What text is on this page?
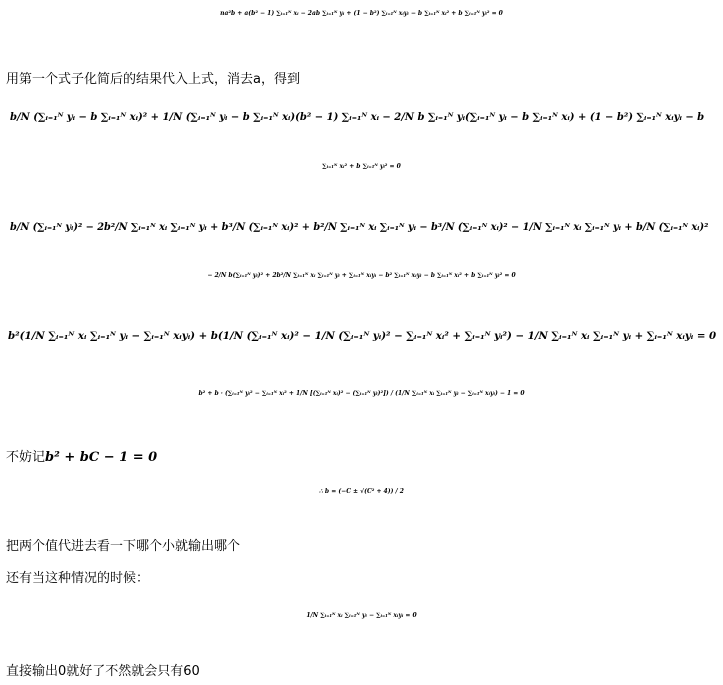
na²b + a(b² − 1) ∑ᵢ₌₁ᴺ xᵢ − 2ab ∑ᵢ₌₁ᴺ yᵢ + (1 − b²) ∑ᵢ₌₁ᴺ xᵢyᵢ − b ∑ᵢ₌₁ᴺ xᵢ² + b ∑ᵢ₌₁ᴺ yᵢ² = 0
用第一个式子化简后的结果代入上式，消去a，得到
b/N (∑ᵢ₌₁ᴺ yᵢ − b ∑ᵢ₌₁ᴺ xᵢ)² + 1/N (∑ᵢ₌₁ᴺ yᵢ − b ∑ᵢ₌₁ᴺ xᵢ)(b² − 1) ∑ᵢ₌₁ᴺ xᵢ − 2/N b ∑ᵢ₌₁ᴺ yᵢ(∑ᵢ₌₁ᴺ yᵢ − b ∑ᵢ₌₁ᴺ xᵢ) + (1 − b²) ∑ᵢ₌₁ᴺ xᵢyᵢ − b
∑ᵢ₌₁ᴺ xᵢ² + b ∑ᵢ₌₁ᴺ yᵢ² = 0
b/N (∑ᵢ₌₁ᴺ yᵢ)² − 2b²/N ∑ᵢ₌₁ᴺ xᵢ ∑ᵢ₌₁ᴺ yᵢ + b³/N (∑ᵢ₌₁ᴺ xᵢ)² + b²/N ∑ᵢ₌₁ᴺ xᵢ ∑ᵢ₌₁ᴺ yᵢ − b³/N (∑ᵢ₌₁ᴺ xᵢ)² − 1/N ∑ᵢ₌₁ᴺ xᵢ ∑ᵢ₌₁ᴺ yᵢ + b/N (∑ᵢ₌₁ᴺ xᵢ)²
− 2/N b(∑ᵢ₌₁ᴺ yᵢ)² + 2b²/N ∑ᵢ₌₁ᴺ xᵢ ∑ᵢ₌₁ᴺ yᵢ + ∑ᵢ₌₁ᴺ xᵢyᵢ − b² ∑ᵢ₌₁ᴺ xᵢyᵢ − b ∑ᵢ₌₁ᴺ xᵢ² + b ∑ᵢ₌₁ᴺ yᵢ² = 0
b²(1/N ∑ᵢ₌₁ᴺ xᵢ ∑ᵢ₌₁ᴺ yᵢ − ∑ᵢ₌₁ᴺ xᵢyᵢ) + b(1/N (∑ᵢ₌₁ᴺ xᵢ)² − 1/N (∑ᵢ₌₁ᴺ yᵢ)² − ∑ᵢ₌₁ᴺ xᵢ² + ∑ᵢ₌₁ᴺ yᵢ²) − 1/N ∑ᵢ₌₁ᴺ xᵢ ∑ᵢ₌₁ᴺ yᵢ + ∑ᵢ₌₁ᴺ xᵢyᵢ = 0
b² + b · (∑ᵢ₌₁ᴺ yᵢ² − ∑ᵢ₌₁ᴺ xᵢ² + 1/N [(∑ᵢ₌₁ᴺ xᵢ)² − (∑ᵢ₌₁ᴺ yᵢ)²]) / (1/N ∑ᵢ₌₁ᴺ xᵢ ∑ᵢ₌₁ᴺ yᵢ − ∑ᵢ₌₁ᴺ xᵢyᵢ) − 1 = 0
不妨记b² + bC − 1 = 0
∴ b = (−C ± √(C² + 4)) / 2
把两个值代进去看一下哪个小就输出哪个
还有当这种情况的时候：
1/N ∑ᵢ₌₁ᴺ xᵢ ∑ᵢ₌₁ᴺ yᵢ − ∑ᵢ₌₁ᴺ xᵢyᵢ = 0
直接输出0就好了不然就会只有60
